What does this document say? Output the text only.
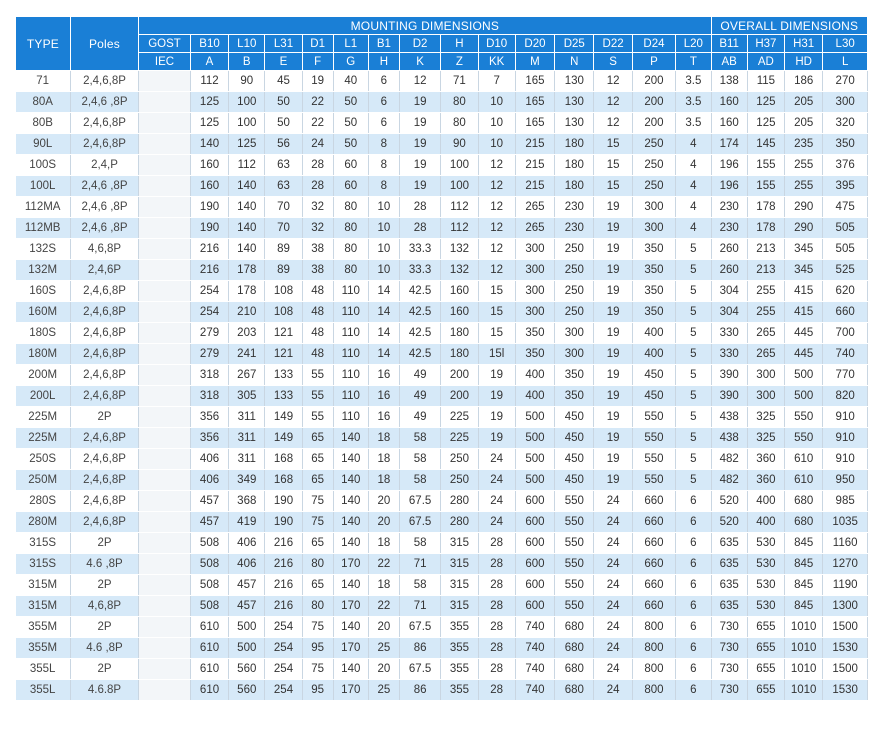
TYPE	Poles	MOUNTING DIMENSIONS															OVERALL DIMENSIONS			
		GOST	B10	L10	L31	D1	L1	B1	D2	H	D10	D20	D25	D22	D24	L20	B11	H37	H31	L30
		IEC	A	B	E	F	G	H	K	Z	KK	M	N	S	P	T	AB	AD	HD	L
71	2,4,6,8P		112	90	45	19	40	6	12	71	7	165	130	12	200	3.5	138	115	186	270
80A	2,4,6 ,8P		125	100	50	22	50	6	19	80	10	165	130	12	200	3.5	160	125	205	300
80B	2,4,6,8P		125	100	50	22	50	6	19	80	10	165	130	12	200	3.5	160	125	205	320
90L	2,4,6,8P		140	125	56	24	50	8	19	90	10	215	180	15	250	4	174	145	235	350
100S	2,4,P		160	112	63	28	60	8	19	100	12	215	180	15	250	4	196	155	255	376
100L	2,4,6 ,8P		160	140	63	28	60	8	19	100	12	215	180	15	250	4	196	155	255	395
112MA	2,4,6 ,8P		190	140	70	32	80	10	28	112	12	265	230	19	300	4	230	178	290	475
112MB	2,4,6 ,8P		190	140	70	32	80	10	28	112	12	265	230	19	300	4	230	178	290	505
132S	4,6,8P		216	140	89	38	80	10	33.3	132	12	300	250	19	350	5	260	213	345	505
132M	2,4,6P		216	178	89	38	80	10	33.3	132	12	300	250	19	350	5	260	213	345	525
160S	2,4,6,8P		254	178	108	48	110	14	42.5	160	15	300	250	19	350	5	304	255	415	620
160M	2,4,6,8P		254	210	108	48	110	14	42.5	160	15	300	250	19	350	5	304	255	415	660
180S	2,4,6,8P		279	203	121	48	110	14	42.5	180	15	350	300	19	400	5	330	265	445	700
180M	2,4,6,8P		279	241	121	48	110	14	42.5	180	15l	350	300	19	400	5	330	265	445	740
200M	2,4,6,8P		318	267	133	55	110	16	49	200	19	400	350	19	450	5	390	300	500	770
200L	2,4,6,8P		318	305	133	55	110	16	49	200	19	400	350	19	450	5	390	300	500	820
225M	2P		356	311	149	55	110	16	49	225	19	500	450	19	550	5	438	325	550	910
225M	2,4,6,8P		356	311	149	65	140	18	58	225	19	500	450	19	550	5	438	325	550	910
250S	2,4,6,8P		406	311	168	65	140	18	58	250	24	500	450	19	550	5	482	360	610	910
250M	2,4,6,8P		406	349	168	65	140	18	58	250	24	500	450	19	550	5	482	360	610	950
280S	2,4,6,8P		457	368	190	75	140	20	67.5	280	24	600	550	24	660	6	520	400	680	985
280M	2,4,6,8P		457	419	190	75	140	20	67.5	280	24	600	550	24	660	6	520	400	680	1035
315S	2P		508	406	216	65	140	18	58	315	28	600	550	24	660	6	635	530	845	1160
315S	4.6 ,8P		508	406	216	80	170	22	71	315	28	600	550	24	660	6	635	530	845	1270
315M	2P		508	457	216	65	140	18	58	315	28	600	550	24	660	6	635	530	845	1190
315M	4,6,8P		508	457	216	80	170	22	71	315	28	600	550	24	660	6	635	530	845	1300
355M	2P		610	500	254	75	140	20	67.5	355	28	740	680	24	800	6	730	655	1010	1500
355M	4.6 ,8P		610	500	254	95	170	25	86	355	28	740	680	24	800	6	730	655	1010	1530
355L	2P		610	560	254	75	140	20	67.5	355	28	740	680	24	800	6	730	655	1010	1500
355L	4.6.8P		610	560	254	95	170	25	86	355	28	740	680	24	800	6	730	655	1010	1530
